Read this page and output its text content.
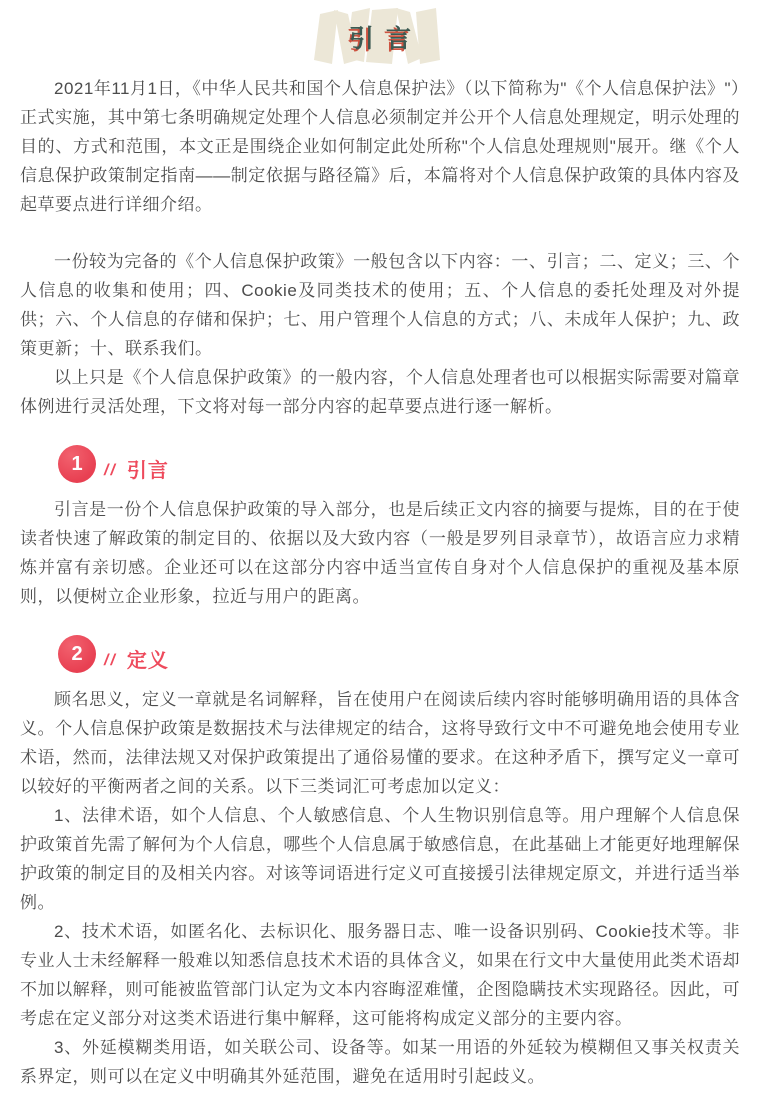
引言

2021年11月1日，《中华人民共和国个人信息保护法》（以下简称为"《个人信息保护法》"）正式实施，其中第七条明确规定处理个人信息必须制定并公开个人信息处理规定，明示处理的目的、方式和范围，本文正是围绕企业如何制定此处所称"个人信息处理规则"展开。继《个人信息保护政策制定指南——制定依据与路径篇》后，本篇将对个人信息保护政策的具体内容及起草要点进行详细介绍。

一份较为完备的《个人信息保护政策》一般包含以下内容：一、引言；二、定义；三、个人信息的收集和使用；四、Cookie及同类技术的使用；五、个人信息的委托处理及对外提供；六、个人信息的存储和保护；七、用户管理个人信息的方式；八、未成年人保护；九、政策更新；十、联系我们。

以上只是《个人信息保护政策》的一般内容，个人信息处理者也可以根据实际需要对篇章体例进行灵活处理，下文将对每一部分内容的起草要点进行逐一解析。

1	// 引言

引言是一份个人信息保护政策的导入部分，也是后续正文内容的摘要与提炼，目的在于使读者快速了解政策的制定目的、依据以及大致内容（一般是罗列目录章节），故语言应力求精炼并富有亲切感。企业还可以在这部分内容中适当宣传自身对个人信息保护的重视及基本原则，以便树立企业形象，拉近与用户的距离。

2	// 定义

顾名思义，定义一章就是名词解释，旨在使用户在阅读后续内容时能够明确用语的具体含义。个人信息保护政策是数据技术与法律规定的结合，这将导致行文中不可避免地会使用专业术语，然而，法律法规又对保护政策提出了通俗易懂的要求。在这种矛盾下，撰写定义一章可以较好的平衡两者之间的关系。以下三类词汇可考虑加以定义：

1、法律术语，如个人信息、个人敏感信息、个人生物识别信息等。用户理解个人信息保护政策首先需了解何为个人信息，哪些个人信息属于敏感信息，在此基础上才能更好地理解保护政策的制定目的及相关内容。对该等词语进行定义可直接援引法律规定原文，并进行适当举例。

2、技术术语，如匿名化、去标识化、服务器日志、唯一设备识别码、Cookie技术等。非专业人士未经解释一般难以知悉信息技术术语的具体含义，如果在行文中大量使用此类术语却不加以解释，则可能被监管部门认定为文本内容晦涩难懂，企图隐瞒技术实现路径。因此，可考虑在定义部分对这类术语进行集中解释，这可能将构成定义部分的主要内容。

3、外延模糊类用语，如关联公司、设备等。如某一用语的外延较为模糊但又事关权责关系界定，则可以在定义中明确其外延范围，避免在适用时引起歧义。
